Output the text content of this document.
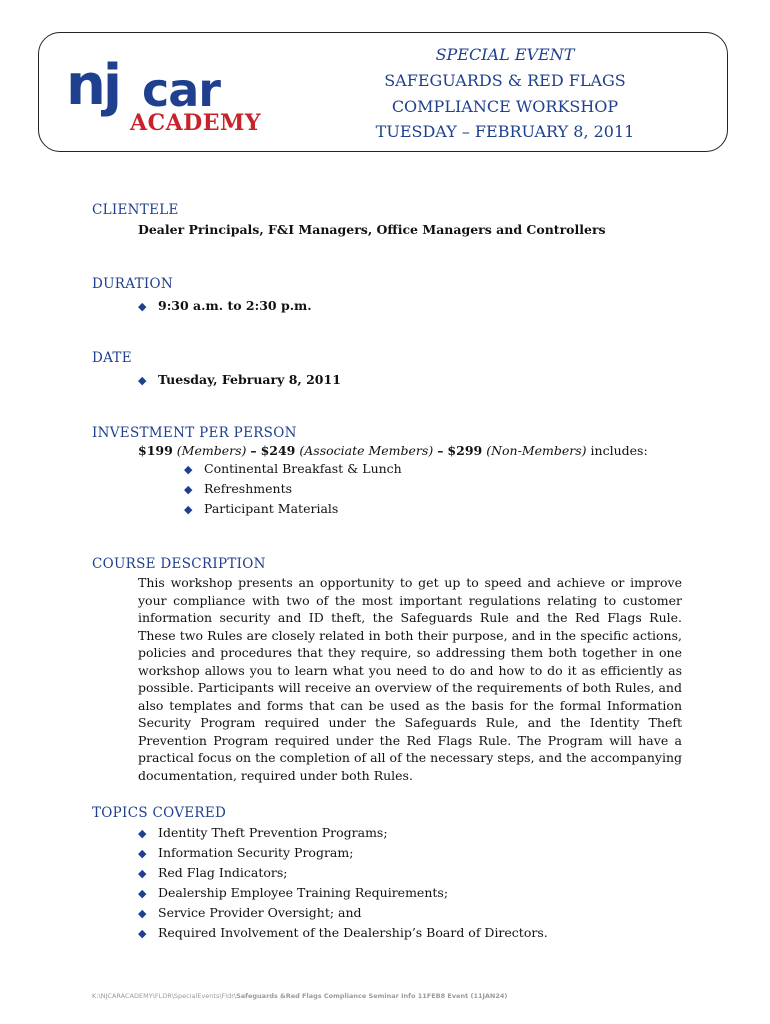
nj car
ACADEMY
SPECIAL EVENT
SAFEGUARDS & RED FLAGS
COMPLIANCE WORKSHOP
TUESDAY – FEBRUARY 8, 2011
CLIENTELE
Dealer Principals, F&I Managers, Office Managers and Controllers
DURATION
◆ 9:30 a.m. to 2:30 p.m.
DATE
◆ Tuesday, February 8, 2011
INVESTMENT PER PERSON
$199 (Members) – $249 (Associate Members) – $299 (Non-Members) includes:
◆ Continental Breakfast & Lunch
◆ Refreshments
◆ Participant Materials
COURSE DESCRIPTION

This workshop presents an opportunity to get up to speed and achieve or improve your compliance with two of the most important regulations relating to customer information security and ID theft, the Safeguards Rule and the Red Flags Rule. These two Rules are closely related in both their purpose, and in the specific actions, policies and procedures that they require, so addressing them both together in one workshop allows you to learn what you need to do and how to do it as efficiently as possible. Participants will receive an overview of the requirements of both Rules, and also templates and forms that can be used as the basis for the formal Information Security Program required under the Safeguards Rule, and the Identity Theft Prevention Program required under the Red Flags Rule. The Program will have a practical focus on the completion of all of the necessary steps, and the accompanying documentation, required under both Rules.

TOPICS COVERED
◆ Identity Theft Prevention Programs;
◆ Information Security Program;
◆ Red Flag Indicators;
◆ Dealership Employee Training Requirements;
◆ Service Provider Oversight; and
◆ Required Involvement of the Dealership’s Board of Directors.
K:\NJCARACADEMY\FLDR\SpecialEvents\Fldr\Safeguards &Red Flags Compliance Seminar Info 11FEB8 Event (11JAN24)
